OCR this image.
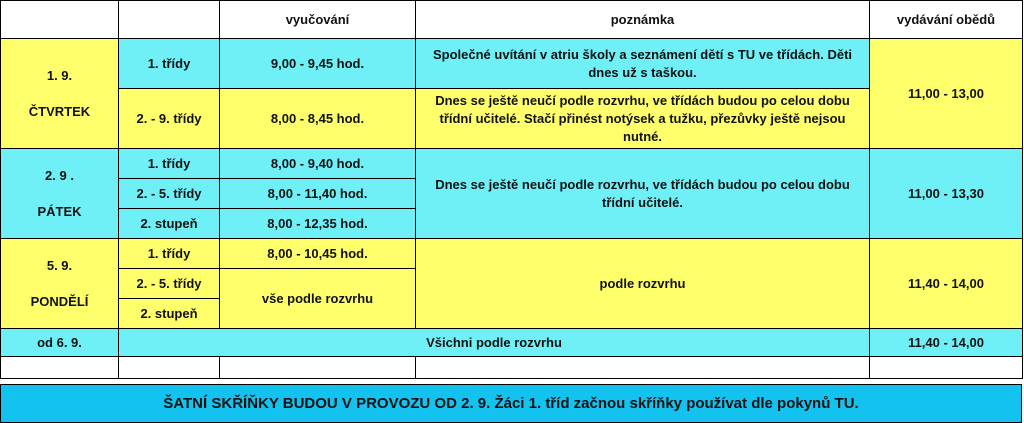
		vyučování	poznámka	vydávání obědů
1. 9.
ČTVRTEK	1. třídy	9,00 - 9,45 hod.	Společné uvítání v atriu školy a seznámení dětí s TU ve třídách. Děti dnes už s taškou.	11,00 - 13,00
	2. - 9. třídy	8,00 - 8,45 hod.	Dnes se ještě neučí podle rozvrhu, ve třídách budou po celou dobu třídní učitelé. Stačí přinést notýsek a tužku, přezůvky ještě nejsou nutné.	
2. 9 .
PÁTEK	1. třídy	8,00 - 9,40 hod.	Dnes se ještě neučí podle rozvrhu, ve třídách budou po celou dobu třídní učitelé.	11,00 - 13,30
	2. - 5. třídy	8,00 - 11,40 hod.		
	2. stupeň	8,00 - 12,35 hod.		
5. 9.
PONDĚLÍ	1. třídy	8,00 - 10,45 hod.	podle rozvrhu	11,40 - 14,00
	2. - 5. třídy	vše podle rozvrhu		
	2. stupeň			
od 6. 9.	Všichni podle rozvrhu			11,40 - 14,00

ŠATNÍ SKŘÍŇKY BUDOU V PROVOZU OD 2. 9. Žáci 1. tříd začnou skříňky používat dle pokynů TU.
